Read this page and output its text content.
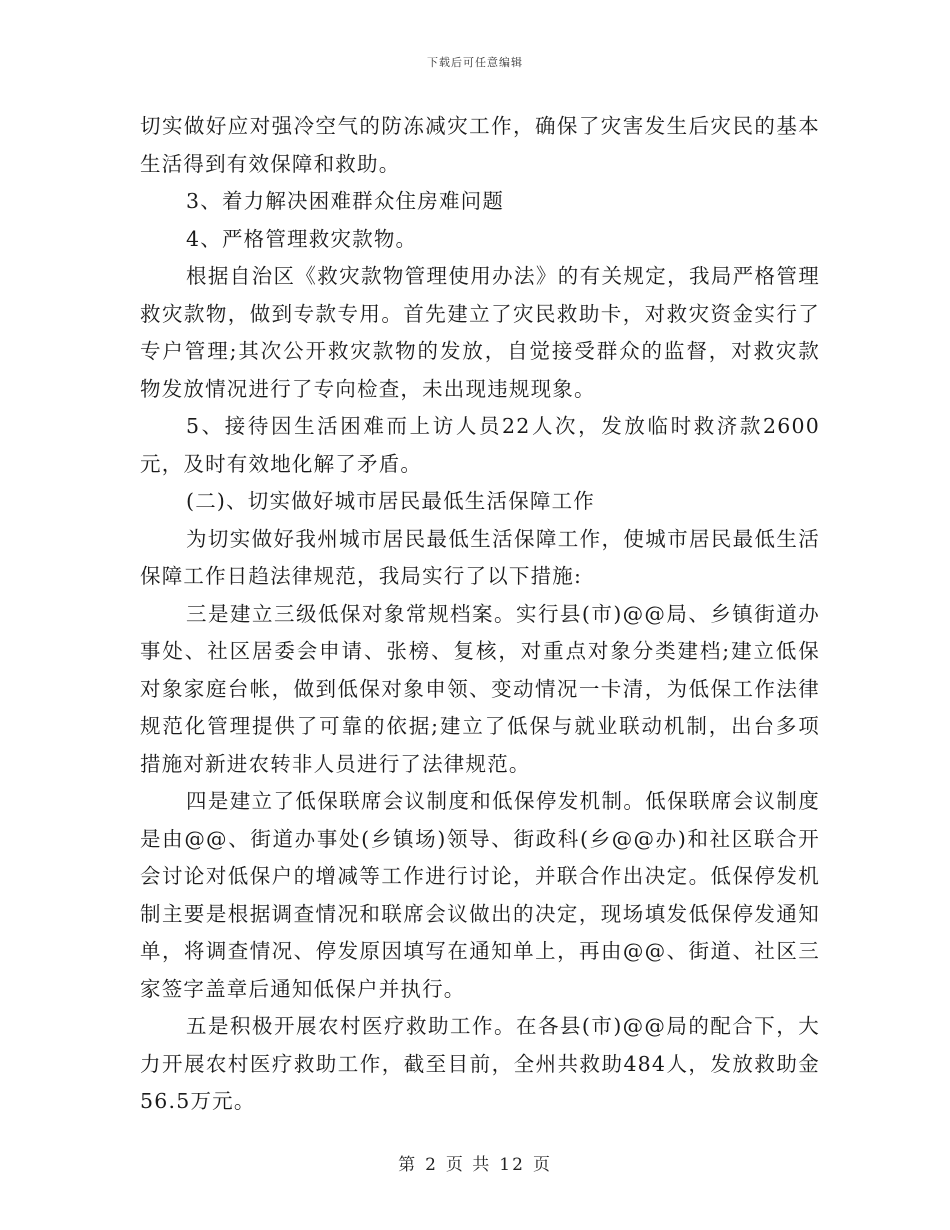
下载后可任意编辑

切实做好应对强冷空气的防冻减灾工作，确保了灾害发生后灾民的基本生活得到有效保障和救助。

3、着力解决困难群众住房难问题

4、严格管理救灾款物。

根据自治区《救灾款物管理使用办法》的有关规定，我局严格管理救灾款物，做到专款专用。首先建立了灾民救助卡，对救灾资金实行了专户管理;其次公开救灾款物的发放，自觉接受群众的监督，对救灾款物发放情况进行了专向检查，未出现违规现象。

5、接待因生活困难而上访人员22人次，发放临时救济款2600元，及时有效地化解了矛盾。

(二)、切实做好城市居民最低生活保障工作

为切实做好我州城市居民最低生活保障工作，使城市居民最低生活保障工作日趋法律规范，我局实行了以下措施:

三是建立三级低保对象常规档案。实行县(市)@@局、乡镇街道办事处、社区居委会申请、张榜、复核，对重点对象分类建档;建立低保对象家庭台帐，做到低保对象申领、变动情况一卡清，为低保工作法律规范化管理提供了可靠的依据;建立了低保与就业联动机制，出台多项措施对新进农转非人员进行了法律规范。

四是建立了低保联席会议制度和低保停发机制。低保联席会议制度是由@@、街道办事处(乡镇场)领导、街政科(乡@@办)和社区联合开会讨论对低保户的增减等工作进行讨论，并联合作出决定。低保停发机制主要是根据调查情况和联席会议做出的决定，现场填发低保停发通知单，将调查情况、停发原因填写在通知单上，再由@@、街道、社区三家签字盖章后通知低保户并执行。

五是积极开展农村医疗救助工作。在各县(市)@@局的配合下，大力开展农村医疗救助工作，截至目前，全州共救助484人，发放救助金56.5万元。

第 2 页 共 12 页
